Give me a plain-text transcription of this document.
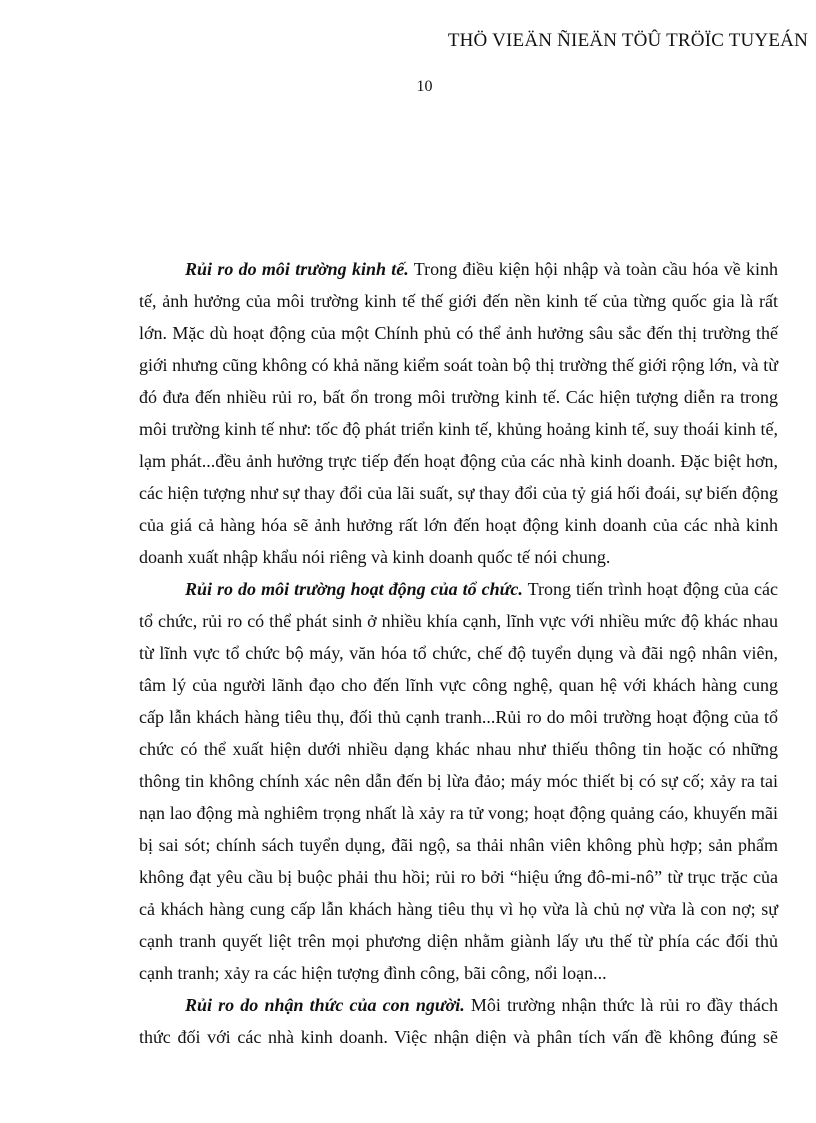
THÖ VIEÄN ÑIEÄN TÖÛ TRÖÏC TUYEÁN
10

Rủi ro do môi trường kinh tế. Trong điều kiện hội nhập và toàn cầu hóa về kinh tế, ảnh hưởng của môi trường kinh tế thế giới đến nền kinh tế của từng quốc gia là rất lớn. Mặc dù hoạt động của một Chính phủ có thể ảnh hưởng sâu sắc đến thị trường thế giới nhưng cũng không có khả năng kiểm soát toàn bộ thị trường thế giới rộng lớn, và từ đó đưa đến nhiều rủi ro, bất ổn trong môi trường kinh tế. Các hiện tượng diễn ra trong môi trường kinh tế như: tốc độ phát triển kinh tế, khủng hoảng kinh tế, suy thoái kinh tế, lạm phát...đều ảnh hưởng trực tiếp đến hoạt động của các nhà kinh doanh. Đặc biệt hơn, các hiện tượng như sự thay đổi của lãi suất, sự thay đổi của tỷ giá hối đoái, sự biến động của giá cả hàng hóa sẽ ảnh hưởng rất lớn đến hoạt động kinh doanh của các nhà kinh doanh xuất nhập khẩu nói riêng và kinh doanh quốc tế nói chung.

Rủi ro do môi trường hoạt động của tổ chức. Trong tiến trình hoạt động của các tổ chức, rủi ro có thể phát sinh ở nhiều khía cạnh, lĩnh vực với nhiều mức độ khác nhau từ lĩnh vực tổ chức bộ máy, văn hóa tổ chức, chế độ tuyển dụng và đãi ngộ nhân viên, tâm lý của người lãnh đạo cho đến lĩnh vực công nghệ, quan hệ với khách hàng cung cấp lẫn khách hàng tiêu thụ, đối thủ cạnh tranh...Rủi ro do môi trường hoạt động của tổ chức có thể xuất hiện dưới nhiều dạng khác nhau như thiếu thông tin hoặc có những thông tin không chính xác nên dẫn đến bị lừa đảo; máy móc thiết bị có sự cố; xảy ra tai nạn lao động mà nghiêm trọng nhất là xảy ra tử vong; hoạt động quảng cáo, khuyến mãi bị sai sót; chính sách tuyển dụng, đãi ngộ, sa thải nhân viên không phù hợp; sản phẩm không đạt yêu cầu bị buộc phải thu hồi; rủi ro bởi “hiệu ứng đô-mi-nô” từ trục trặc của cả khách hàng cung cấp lẫn khách hàng tiêu thụ vì họ vừa là chủ nợ vừa là con nợ; sự cạnh tranh quyết liệt trên mọi phương diện nhằm giành lấy ưu thế từ phía các đối thủ cạnh tranh; xảy ra các hiện tượng đình công, bãi công, nổi loạn...

Rủi ro do nhận thức của con người. Môi trường nhận thức là rủi ro đầy thách thức đối với các nhà kinh doanh. Việc nhận diện và phân tích vấn đề không đúng sẽ
